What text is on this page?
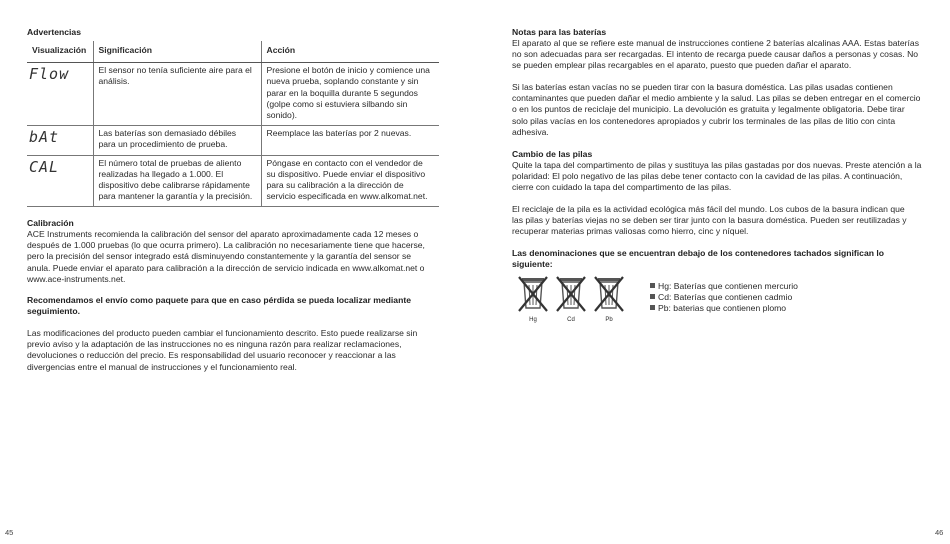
Advertencias
Visualización	Significación	Acción
Flow	El sensor no tenía suficiente aire para el análisis.	Presione el botón de inicio y comience una nueva prueba, soplando constante y sin parar en la boquilla durante 5 segundos (golpe como si estuviera silbando sin sonido).
bAt	Las baterías son demasiado débiles para un procedimiento de prueba.	Reemplace las baterías por 2 nuevas.
CAL	El número total de pruebas de aliento realizadas ha llegado a 1.000. El dispositivo debe calibrarse rápidamente para mantener la garantía y la precisión.	Póngase en contacto con el vendedor de su dispositivo. Puede enviar el dispositivo para su calibración a la dirección de servicio especificada en www.alkomat.net.
Calibración

ACE Instruments recomienda la calibración del sensor del aparato aproximadamente cada 12 meses o después de 1.000 pruebas (lo que ocurra primero). La calibración no necesariamente tiene que hacerse, pero la precisión del sensor integrado está disminuyendo constantemente y la garantía del sensor se anula. Puede enviar el aparato para calibración a la dirección de servicio indicada en www.alkomat.net o www.ace-instruments.net.

Recomendamos el envío como paquete para que en caso pérdida se pueda localizar mediante seguimiento.

Las modificaciones del producto pueden cambiar el funcionamiento descrito. Esto puede realizarse sin previo aviso y la adaptación de las instrucciones no es ninguna razón para realizar reclamaciones, devoluciones o reducción del precio. Es responsabilidad del usuario reconocer y reaccionar a las divergencias entre el manual de instrucciones y el funcionamiento real.

45
Notas para las baterías

El aparato al que se refiere este manual de instrucciones contiene 2 baterías alcalinas AAA. Estas baterías no son adecuadas para ser recargadas. El intento de recarga puede causar daños a personas y cosas. No se pueden emplear pilas recargables en el aparato, puesto que pueden dañar el aparato.

Si las baterías estan vacías no se pueden tirar con la basura doméstica. Las pilas usadas contienen contaminantes que pueden dañar el medio ambiente y la salud. Las pilas se deben entregar en el comercio o en los puntos de reciclaje del municipio. La devolución es gratuita y legalmente obligatoria. Debe tirar solo pilas vacías en los contenedores apropiados y cubrir los terminales de las pilas de litio con cinta adhesiva.

Cambio de las pilas

Quite la tapa del compartimento de pilas y sustituya las pilas gastadas por dos nuevas. Preste atención a la polaridad: El polo negativo de las pilas debe tener contacto con la cavidad de las pilas. A continuación, cierre con cuidado la tapa del compartimento de las pilas.

El reciclaje de la pila es la actividad ecológica más fácil del mundo. Los cubos de la basura indican que las pilas y baterías viejas no se deben ser tirar junto con la basura doméstica. Pueden ser reutilizadas y recuperar materias primas valiosas como hierro, cinc y níquel.

Las denominaciones que se encuentran debajo de los contenedores tachados significan lo siguiente:

Hg	Cd	Pb
Hg: Baterías que contienen mercurio
Cd: Baterías que contienen cadmio
Pb: baterias que contienen plomo
46
